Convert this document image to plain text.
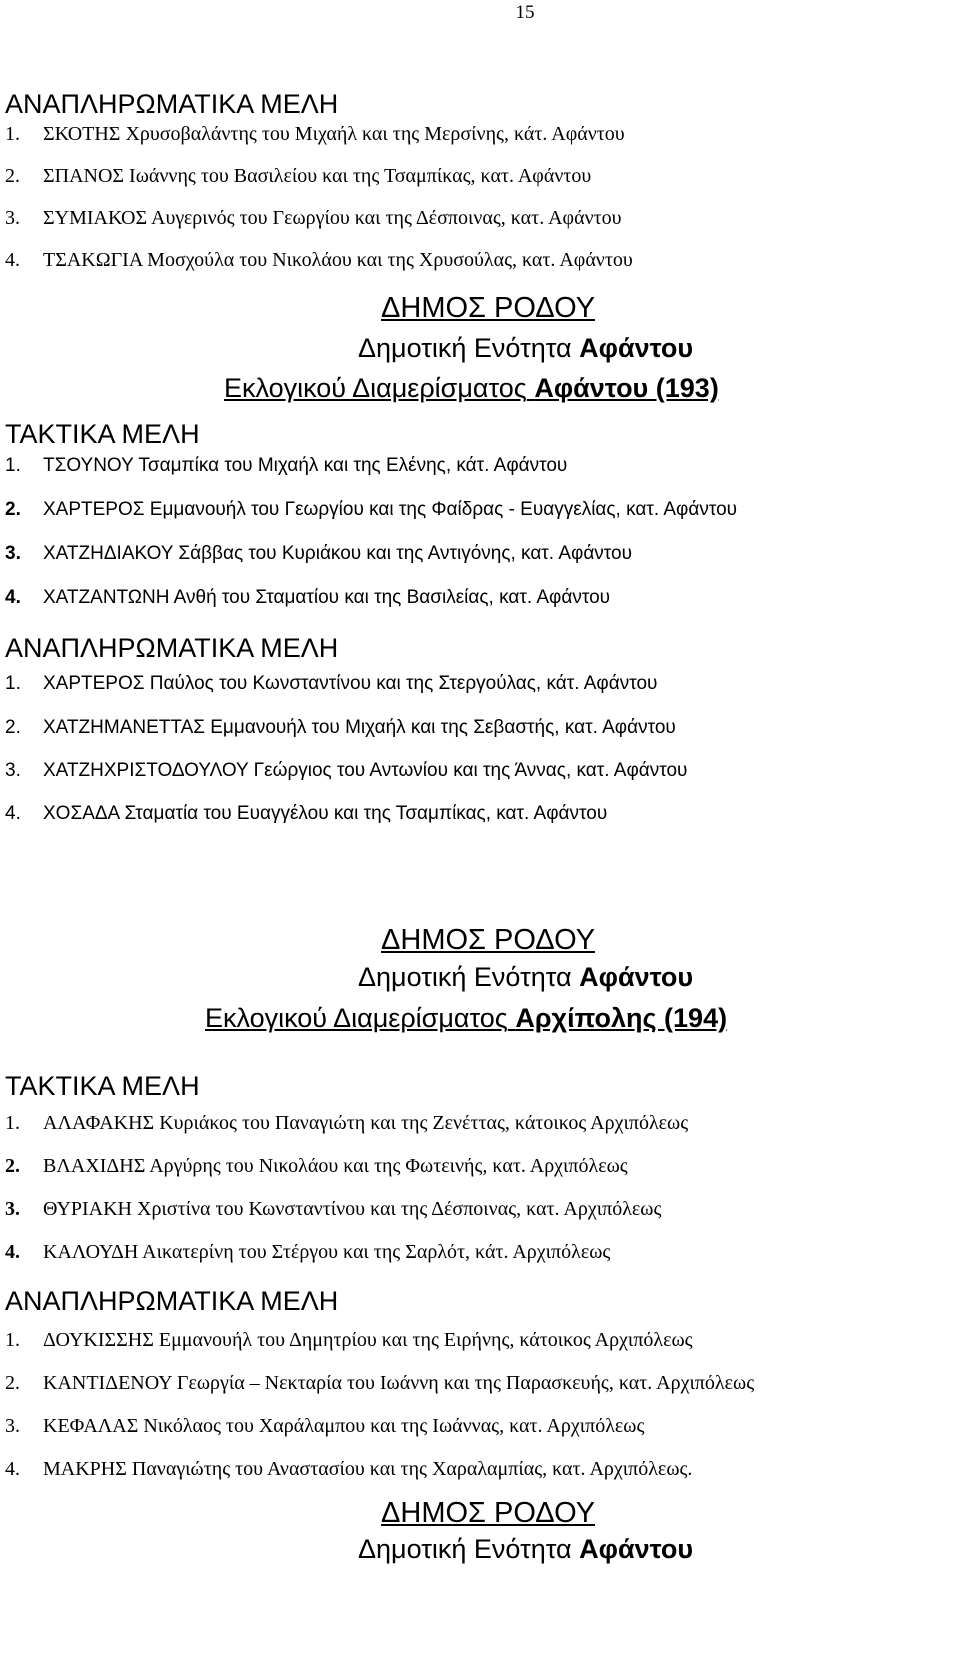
15
ΑΝΑΠΛΗΡΩΜΑΤΙΚΑ ΜΕΛΗ
1. ΣΚΟΤΗΣ Χρυσοβαλάντης του Μιχαήλ και της Μερσίνης, κάτ. Αφάντου
2. ΣΠΑΝΟΣ Ιωάννης του Βασιλείου και της Τσαμπίκας, κατ. Αφάντου
3. ΣΥΜΙΑΚΟΣ Αυγερινός του Γεωργίου και της Δέσποινας, κατ. Αφάντου
4. ΤΣΑΚΩΓΙΑ Μοσχούλα του Νικολάου και της Χρυσούλας, κατ. Αφάντου
ΔΗΜΟΣ ΡΟΔΟΥ
Δημοτική Ενότητα Αφάντου
Εκλογικού Διαμερίσματος Αφάντου (193)
ΤΑΚΤΙΚΑ ΜΕΛΗ
1. ΤΣΟΥΝΟΥ Τσαμπίκα του Μιχαήλ και της Ελένης, κάτ. Αφάντου
2. ΧΑΡΤΕΡΟΣ Εμμανουήλ του Γεωργίου και της Φαίδρας - Ευαγγελίας, κατ. Αφάντου
3. ΧΑΤΖΗΔΙΑΚΟΥ Σάββας του Κυριάκου και της Αντιγόνης, κατ. Αφάντου
4. ΧΑΤΖΑΝΤΩΝΗ Ανθή του Σταματίου και της Βασιλείας, κατ. Αφάντου
ΑΝΑΠΛΗΡΩΜΑΤΙΚΑ ΜΕΛΗ
1. ΧΑΡΤΕΡΟΣ Παύλος του Κωνσταντίνου και της Στεργούλας, κάτ. Αφάντου
2. ΧΑΤΖΗΜΑΝΕΤΤΑΣ Εμμανουήλ του Μιχαήλ και της Σεβαστής, κατ. Αφάντου
3. ΧΑΤΖΗΧΡΙΣΤΟΔΟΥΛΟΥ Γεώργιος του Αντωνίου και της Άννας, κατ. Αφάντου
4. ΧΟΣΑΔΑ Σταματία του Ευαγγέλου και της Τσαμπίκας, κατ. Αφάντου
ΔΗΜΟΣ ΡΟΔΟΥ
Δημοτική Ενότητα Αφάντου
Εκλογικού Διαμερίσματος Αρχίπολης (194)
ΤΑΚΤΙΚΑ ΜΕΛΗ
1. ΑΛΑΦΑΚΗΣ Κυριάκος του Παναγιώτη και της Ζενέττας, κάτοικος Αρχιπόλεως
2. ΒΛΑΧΙΔΗΣ Αργύρης του Νικολάου και της Φωτεινής, κατ. Αρχιπόλεως
3. ΘΥΡΙΑΚΗ Χριστίνα του Κωνσταντίνου και της Δέσποινας, κατ. Αρχιπόλεως
4. ΚΑΛΟΥΔΗ Αικατερίνη του Στέργου και της Σαρλότ, κάτ. Αρχιπόλεως
ΑΝΑΠΛΗΡΩΜΑΤΙΚΑ ΜΕΛΗ
1. ΔΟΥΚΙΣΣΗΣ Εμμανουήλ του Δημητρίου και της Ειρήνης, κάτοικος Αρχιπόλεως
2. ΚΑΝΤΙΔΕΝΟΥ Γεωργία – Νεκταρία του Ιωάννη και της Παρασκευής, κατ. Αρχιπόλεως
3. ΚΕΦΑΛΑΣ Νικόλαος του Χαράλαμπου και της Ιωάννας, κατ. Αρχιπόλεως
4. ΜΑΚΡΗΣ Παναγιώτης του Αναστασίου και της Χαραλαμπίας, κατ. Αρχιπόλεως.
ΔΗΜΟΣ ΡΟΔΟΥ
Δημοτική Ενότητα Αφάντου
